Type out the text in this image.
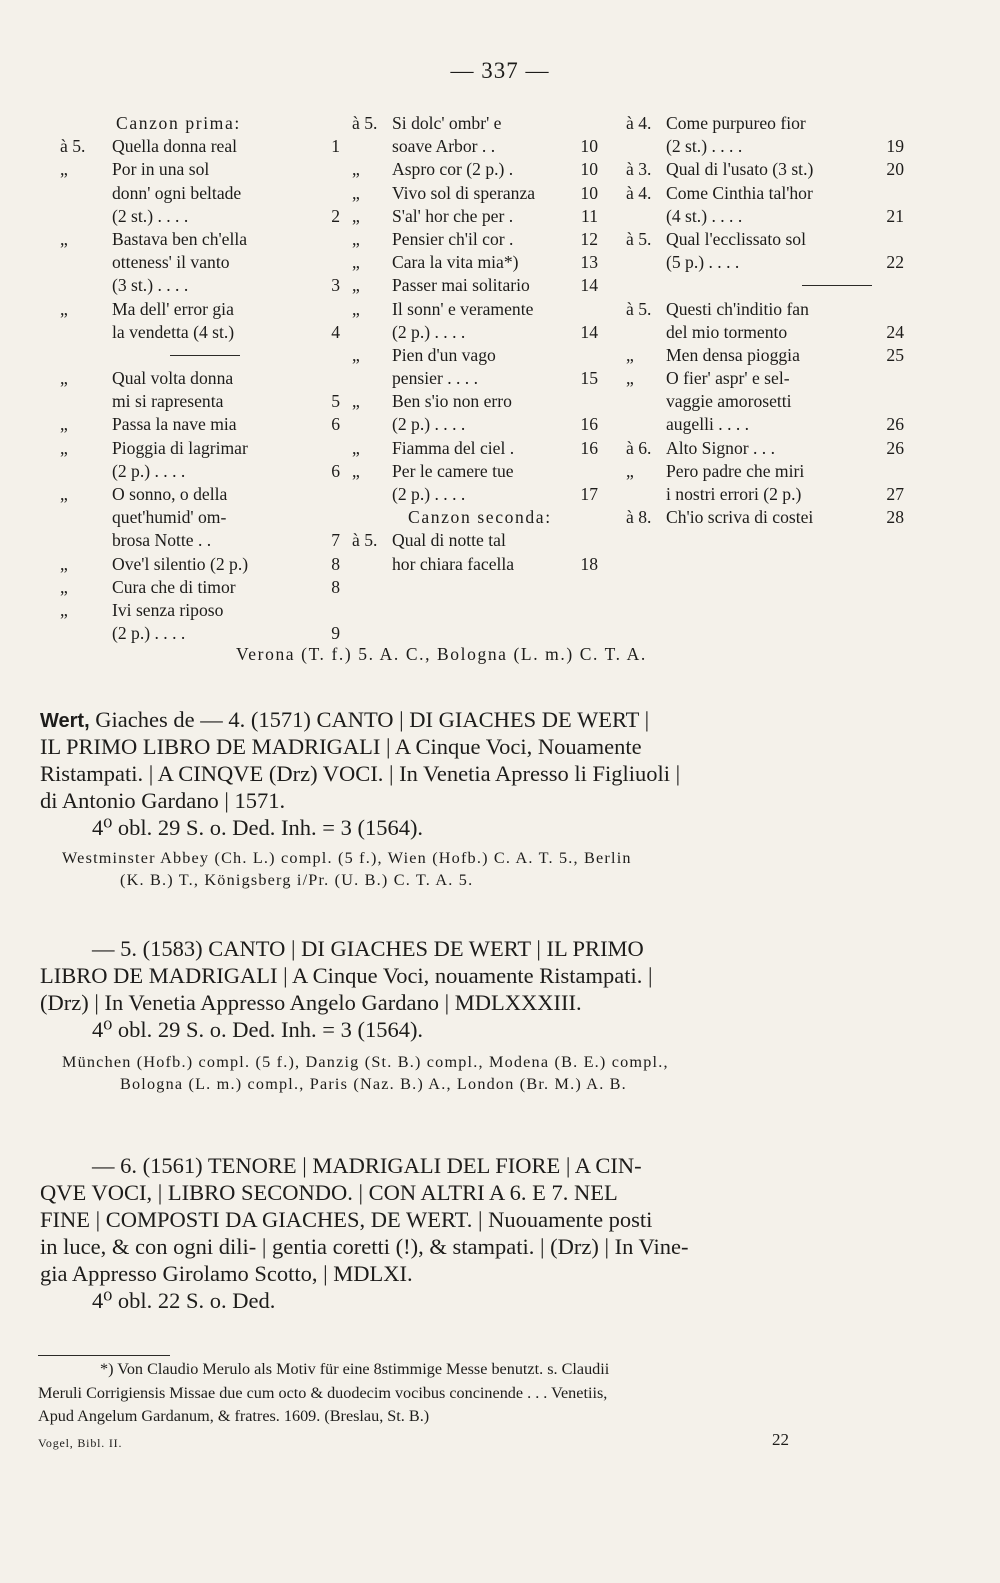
— 337 —
Canzon prima:
à 5.	Quella donna real	1
„	Por in una sol
donn' ogni beltade
(2 st.) . . . .	2
„	Bastava ben ch'ella
otteness' il vanto
(3 st.) . . . .	3
„	Ma dell' error gia
la vendetta (4 st.)	4
„	Qual volta donna
mi si rapresenta	5
„	Passa la nave mia	6
„	Pioggia di lagrimar
(2 p.) . . . .	6
„	O sonno, o della
quet'humid' om-
brosa Notte . .	7
„	Ove'l silentio (2 p.)	8
„	Cura che di timor	8
„	Ivi senza riposo
(2 p.) . . . .	9
à 5. Si dolc' ombr' e
soave Arbor . .	10
„	Aspro cor (2 p.) .	10
„	Vivo sol di speranza	10
„	S'al' hor che per .	11
„	Pensier ch'il cor .	12
„	Cara la vita mia*)	13
„	Passer mai solitario	14
„	Il sonn' e veramente
(2 p.) . . . .	14
„	Pien d'un vago
pensier . . . .	15
„	Ben s'io non erro
(2 p.) . . . .	16
„	Fiamma del ciel .	16
„	Per le camere tue
(2 p.) . . . .	17
Canzon seconda:
à 5. Qual di notte tal
hor chiara facella	18
à 4. Come purpureo fior
(2 st.) . . . .	19
à 3. Qual di l'usato (3 st.)	20
à 4. Come Cinthia tal'hor
(4 st.) . . . .	21
à 5. Qual l'ecclissato sol
(5 p.) . . . .	22
à 5. Questi ch'inditio fan
del mio tormento	24
„	Men densa pioggia	25
„	O fier' aspr' e sel-
vaggie amorosetti
augelli . . . .	26
à 6. Alto Signor . . .	26
„	Pero padre che miri
i nostri errori (2 p.)	27
à 8. Ch'io scriva di costei	28
Verona (T. f.) 5. A. C., Bologna (L. m.) C. T. A.
Wert, Giaches de — 4. (1571) CANTO | DI GIACHES DE WERT |
IL PRIMO LIBRO DE MADRIGALI | A Cinque Voci, Nouamente
Ristampati. | A CINQVE (Drz) VOCI. | In Venetia Apresso li Figliuoli |
di Antonio Gardano | 1571.
4⁰ obl. 29 S. o. Ded. Inh. = 3 (1564).
Westminster Abbey (Ch. L.) compl. (5 f.), Wien (Hofb.) C. A. T. 5., Berlin
(K. B.) T., Königsberg i/Pr. (U. B.) C. T. A. 5.
— 5. (1583) CANTO | DI GIACHES DE WERT | IL PRIMO
LIBRO DE MADRIGALI | A Cinque Voci, nouamente Ristampati. |
(Drz) | In Venetia Appresso Angelo Gardano | MDLXXXIII.
4⁰ obl. 29 S. o. Ded. Inh. = 3 (1564).
München (Hofb.) compl. (5 f.), Danzig (St. B.) compl., Modena (B. E.) compl.,
Bologna (L. m.) compl., Paris (Naz. B.) A., London (Br. M.) A. B.
— 6. (1561) TENORE | MADRIGALI DEL FIORE | A CIN-
QVE VOCI, | LIBRO SECONDO. | CON ALTRI A 6. E 7. NEL
FINE | COMPOSTI DA GIACHES, DE WERT. | Nuouamente posti
in luce, & con ogni dili- | gentia coretti (!), & stampati. | (Drz) | In Vine-
gia Appresso Girolamo Scotto, | MDLXI.
4⁰ obl. 22 S. o. Ded.
*) Von Claudio Merulo als Motiv für eine 8stimmige Messe benutzt. s. Claudii
Meruli Corrigiensis Missae due cum octo & duodecim vocibus concinende . . . Venetiis,
Apud Angelum Gardanum, & fratres. 1609. (Breslau, St. B.)
Vogel, Bibl. II.	22
